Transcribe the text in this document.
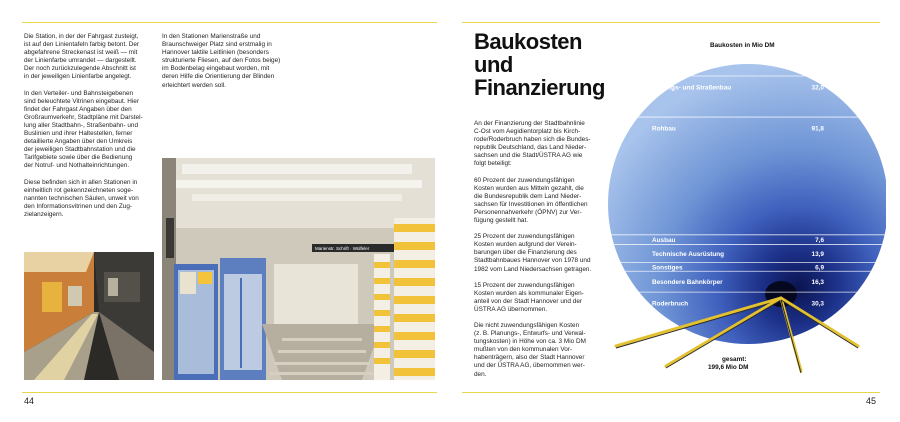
Die Station, in der der Fahrgast zusteigt,
ist auf den Linientafeln farbig betont. Der
abgefahrene Streckenast ist weiß — mit
der Linienfarbe umrandet — dargestellt.
Der noch zurückzulegende Abschnitt ist
in der jeweiligen Linienfarbe angelegt.

In den Verteiler- und Bahnsteigebenen
sind beleuchtete Vitrinen eingebaut. Hier
findet der Fahrgast Angaben über den
Großraumverkehr, Stadtpläne mit Darstel-
lung aller Stadtbahn-, Straßenbahn- und
Buslinien und ihrer Haltestellen, ferner
detaillierte Angaben über den Umkreis
der jeweiligen Stadtbahnstation und die
Tarifgebiete sowie über die Bedienung
der Notruf- und Nothalteinrichtungen.

Diese befinden sich in allen Stationen in
einheitlich rot gekennzeichneten soge-
nannten technischen Säulen, unweit von
den Informationsvitrinen und den Zug-
zielanzeigern.

In den Stationen Marienstraße und
Braunschweiger Platz sind erstmalig in
Hannover taktile Leitlinien (besonders
strukturierte Fliesen, auf den Fotos beige)
im Bodenbelag eingebaut worden, mit
deren Hilfe die Orientierung der Blinden
erleichtert werden soll.

Marienstr. Schrift · Wülfeler
44
Baukosten
und
Finanzierung

An der Finanzierung der Stadtbahnlinie
C-Ost vom Aegidientorplatz bis Kirch-
rode/Roderbruch haben sich die Bundes-
republik Deutschland, das Land Nieder-
sachsen und die Stadt/ÜSTRA AG wie
folgt beteiligt:

60 Prozent der zuwendungsfähigen
Kosten wurden aus Mitteln gezahlt, die
die Bundesrepublik dem Land Nieder-
sachsen für Investitionen im öffentlichen
Personennahverkehr (ÖPNV) zur Ver-
fügung gestellt hat.

25 Prozent der zuwendungsfähigen
Kosten wurden aufgrund der Verein-
barungen über die Finanzierung des
Stadtbahnbaues Hannover von 1978 und
1982 vom Land Niedersachsen getragen.

15 Prozent der zuwendungsfähigen
Kosten wurden als kommunaler Eigen-
anteil von der Stadt Hannover und der
ÜSTRA AG übernommen.

Die nicht zuwendungsfähigen Kosten
(z. B. Planungs-, Entwurfs- und Verwal-
tungskosten) in Höhe von ca. 3 Mio DM
mußten von den kommunalen Vor-
habenträgern, also der Stadt Hannover
und der ÜSTRA AG, übernommen wer-
den.

Baukosten in Mio DM
Leitungs- und Straßenbau	32,0
Rohbau	91,8
Ausbau	7,6
Technische Ausrüstung	13,9
Sonstiges	6,9
Besondere Bahnkörper	16,3
Roderbruch	30,3
gesamt:
199,6 Mio DM
45
